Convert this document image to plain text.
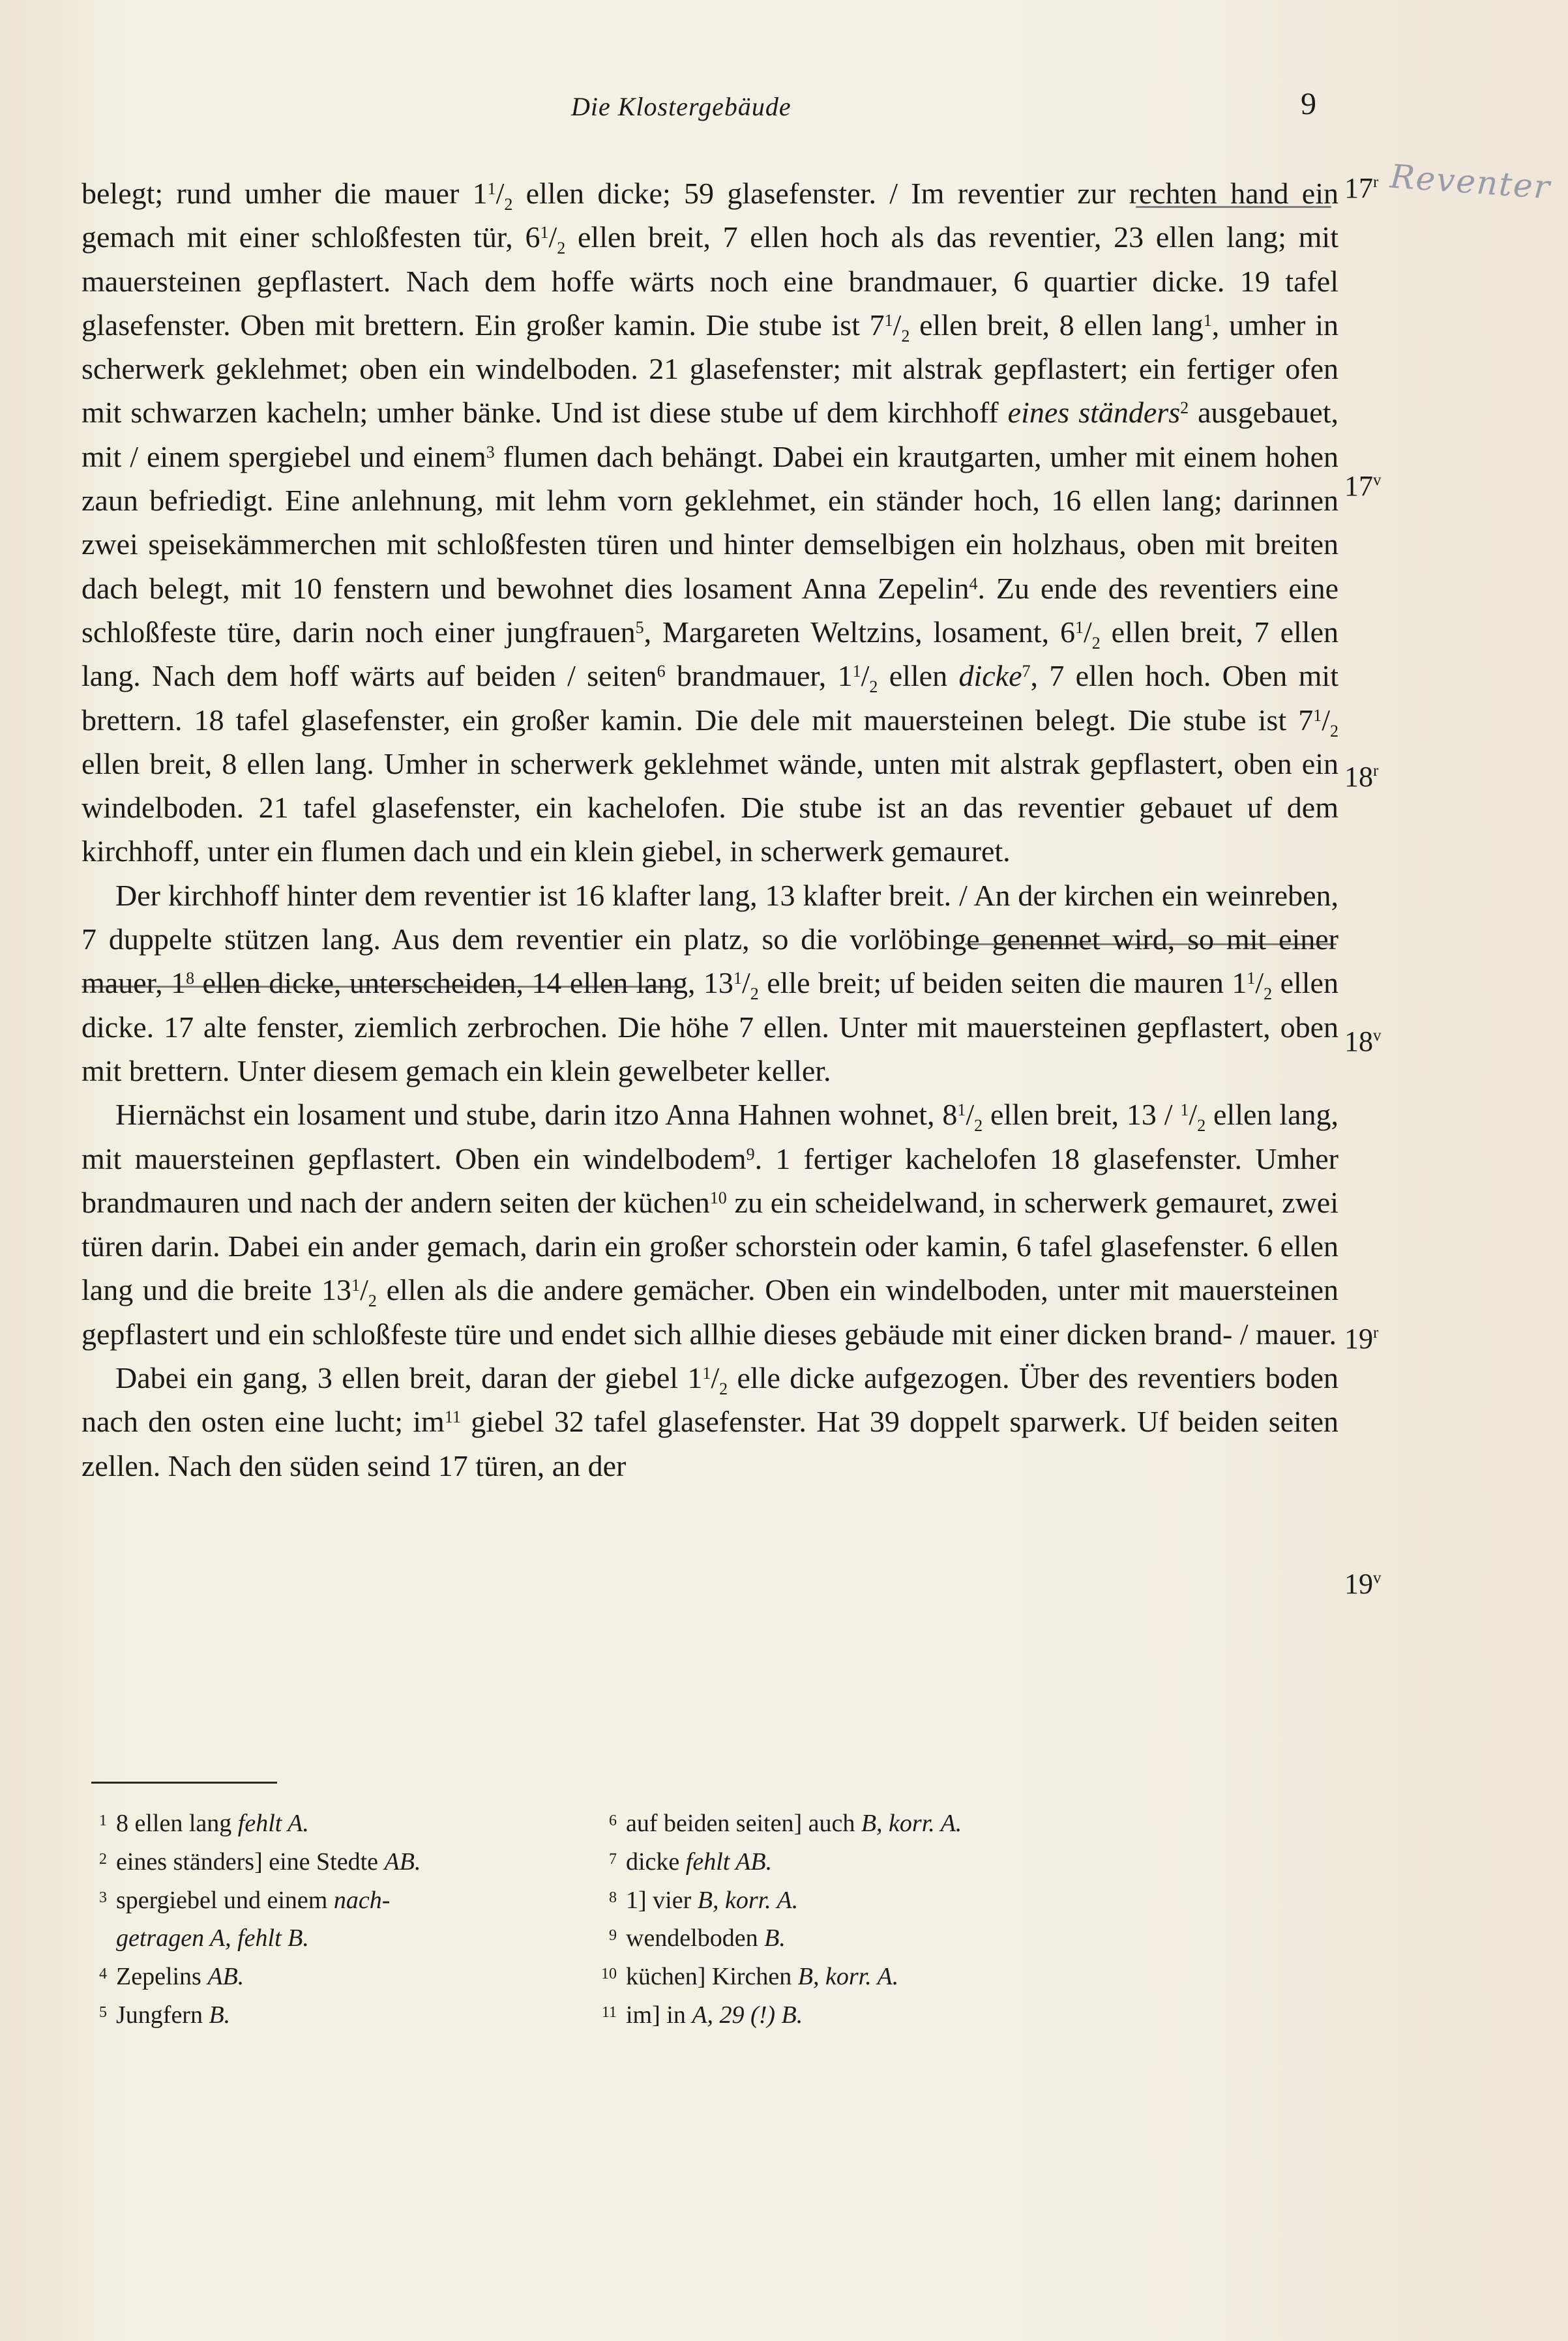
Die Klostergebäude	9
Reventer
17$^r$
17$^v$
18$^r$
18$^v$
19$^r$
19$^v$

belegt; rund umher die mauer $1^1/_2$ ellen dicke; 59 glasefenster. / Im reventier zur rechten hand ein gemach mit einer schloßfesten tür, $6^1/_2$ ellen breit, 7 ellen hoch als das reventier, 23 ellen lang; mit mauersteinen gepflastert. Nach dem hoffe wärts noch eine brandmauer, 6 quartier dicke. 19 tafel glasefenster. Oben mit brettern. Ein großer kamin. Die stube ist $7^1/_2$ ellen breit, 8 ellen lang$^1$, umher in scherwerk geklehmet; oben ein windelboden. 21 glasefenster; mit alstrak gepflastert; ein fertiger ofen mit schwarzen kacheln; umher bänke. Und ist diese stube uf dem kirchhoff eines ständers$^2$ ausgebauet, mit / einem spergiebel und einem$^3$ flumen dach behängt. Dabei ein krautgarten, umher mit einem hohen zaun befriedigt. Eine anlehnung, mit lehm vorn geklehmet, ein ständer hoch, 16 ellen lang; darinnen zwei speisekämmerchen mit schloßfesten türen und hinter demselbigen ein holzhaus, oben mit breiten dach belegt, mit 10 fenstern und bewohnet dies losament Anna Zepelin$^4$. Zu ende des reventiers eine schloßfeste türe, darin noch einer jungfrauen$^5$, Margareten Weltzins, losament, $6^1/_2$ ellen breit, 7 ellen lang. Nach dem hoff wärts auf beiden / seiten$^6$ brandmauer, $1^1/_2$ ellen dicke$^7$, 7 ellen hoch. Oben mit brettern. 18 tafel glasefenster, ein großer kamin. Die dele mit mauersteinen belegt. Die stube ist $7^1/_2$ ellen breit, 8 ellen lang. Umher in scherwerk geklehmet wände, unten mit alstrak gepflastert, oben ein windelboden. 21 tafel glasefenster, ein kachelofen. Die stube ist an das reventier gebauet uf dem kirchhoff, unter ein flumen dach und ein klein giebel, in scherwerk gemauret.

Der kirchhoff hinter dem reventier ist 16 klafter lang, 13 klafter breit. / An der kirchen ein weinreben, 7 duppelte stützen lang. Aus dem reventier ein platz, so die vorlöbinge genennet wird, so mit einer mauer, $1^8$ ellen dicke, unterscheiden, 14 ellen lang, $13^1/_2$ elle breit; uf beiden seiten die mauren $1^1/_2$ ellen dicke. 17 alte fenster, ziemlich zerbrochen. Die höhe 7 ellen. Unter mit mauersteinen gepflastert, oben mit brettern. Unter diesem gemach ein klein gewelbeter keller.

Hiernächst ein losament und stube, darin itzo Anna Hahnen wohnet, $8^1/_2$ ellen breit, $13 / ^1/_2$ ellen lang, mit mauersteinen gepflastert. Oben ein windelbodem$^9$. 1 fertiger kachelofen 18 glasefenster. Umher brandmauren und nach der andern seiten der küchen$^{10}$ zu ein scheidelwand, in scherwerk gemauret, zwei türen darin. Dabei ein ander gemach, darin ein großer schorstein oder kamin, 6 tafel glasefenster. 6 ellen lang und die breite $13^1/_2$ ellen als die andere gemächer. Oben ein windelboden, unter mit mauersteinen gepflastert und ein schloßfeste türe und endet sich allhie dieses gebäude mit einer dicken brand- / mauer.

Dabei ein gang, 3 ellen breit, daran der giebel $1^1/_2$ elle dicke aufgezogen. Über des reventiers boden nach den osten eine lucht; $im^{11}$ giebel 32 tafel glasefenster. Hat 39 doppelt sparwerk. Uf beiden seiten zellen. Nach den süden seind 17 türen, an der

1 8 ellen lang fehlt A.
2 eines ständers] eine Stedte AB.
3 spergiebel und einem nach-
getragen A, fehlt B.
4 Zepelins AB.
5 Jungfern B.
6 auf beiden seiten] auch B, korr. A.
7 dicke fehlt AB.
8 1] vier B, korr. A.
9 wendelboden B.
10 küchen] Kirchen B, korr. A.
11 im] in A, 29 (!) B.
